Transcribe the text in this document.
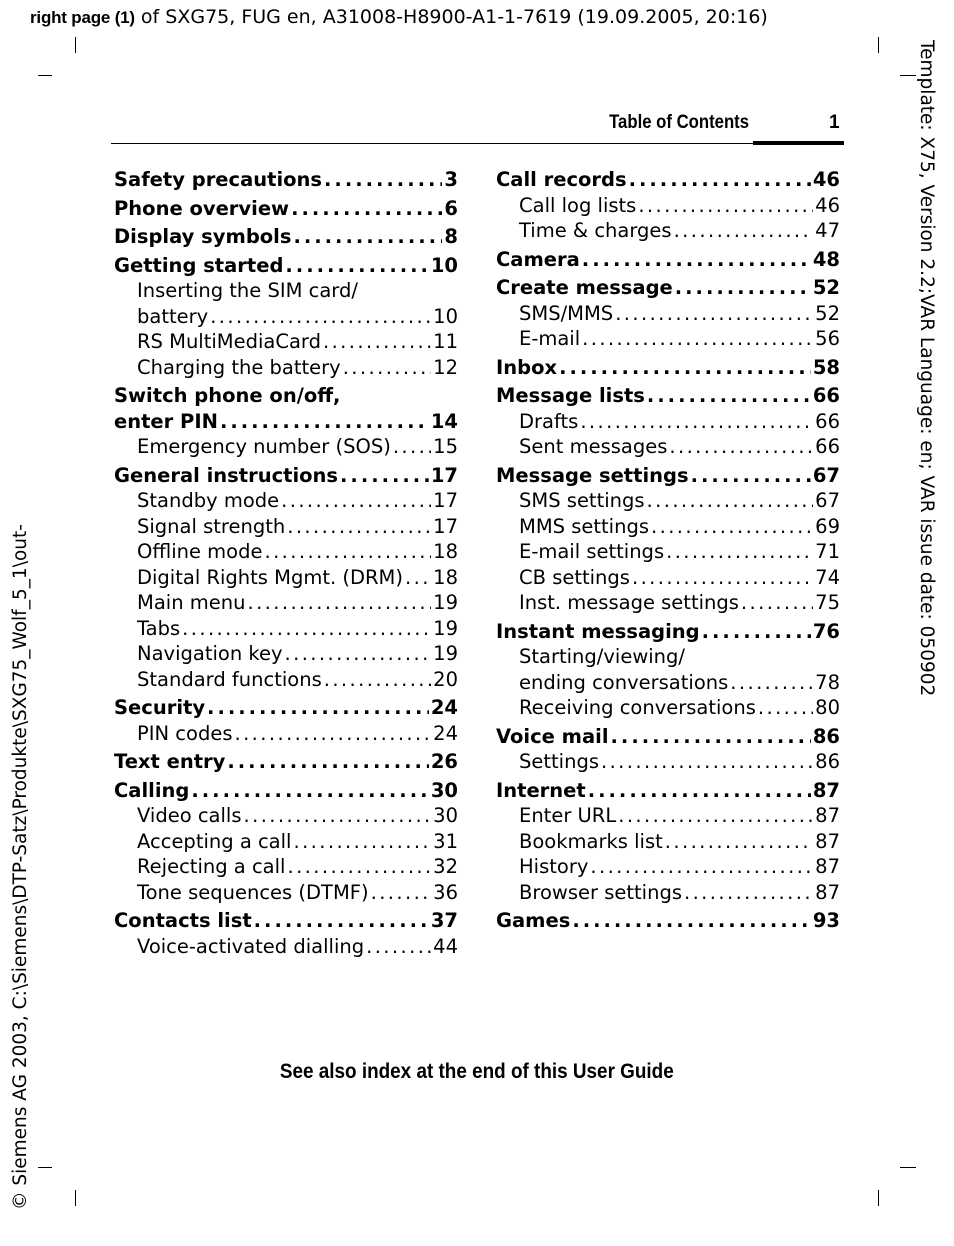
right page (1) of SXG75, FUG en, A31008-H8900-A1-1-7619 (19.09.2005, 20:16)
Template: X75, Version 2.2;VAR Language: en; VAR issue date: 050902
© Siemens AG 2003, C:\Siemens\DTP-Satz\Produkte\SXG75_Wolf_5_1\out-
Table of Contents	1
Safety precautions . . .	3
Phone overview . . .	6
Display symbols . . .	8
Getting started . . .	10
Inserting the SIM card/
battery . . .	10
RS MultiMediaCard . . .	11
Charging the battery . . .	12
Switch phone on/off,
enter PIN . . .	14
Emergency number (SOS) . . . 15
General instructions . . .	17
Standby mode . . .	17
Signal strength . . .	17
Offline mode . . .	18
Digital Rights Mgmt. (DRM) . . . 18
Main menu . . .	19
Tabs . . .	19
Navigation key . . .	19
Standard functions . . .	20
Security . . .	24
PIN codes . . .	24
Text entry . . .	26
Calling . . .	30
Video calls . . .	30
Accepting a call . . .	31
Rejecting a call . . .	32
Tone sequences (DTMF) . . .	36
Contacts list . . .	37
Voice-activated dialling . . .	44
Call records . . .	46
Call log lists . . .	46
Time & charges . . .	47
Camera . . .	48
Create message . . .	52
SMS/MMS . . .	52
E-mail . . .	56
Inbox . . .	58
Message lists . . .	66
Drafts . . .	66
Sent messages . . .	66
Message settings . . .	67
SMS settings . . .	67
MMS settings . . .	69
E-mail settings . . .	71
CB settings . . .	74
Inst. message settings . . .	75
Instant messaging . . .	76
Starting/viewing/
ending conversations . . .	78
Receiving conversations . . .	80
Voice mail . . .	86
Settings . . .	86
Internet . . .	87
Enter URL . . .	87
Bookmarks list . . .	87
History . . .	87
Browser settings . . .	87
Games . . .	93
See also index at the end of this User Guide
